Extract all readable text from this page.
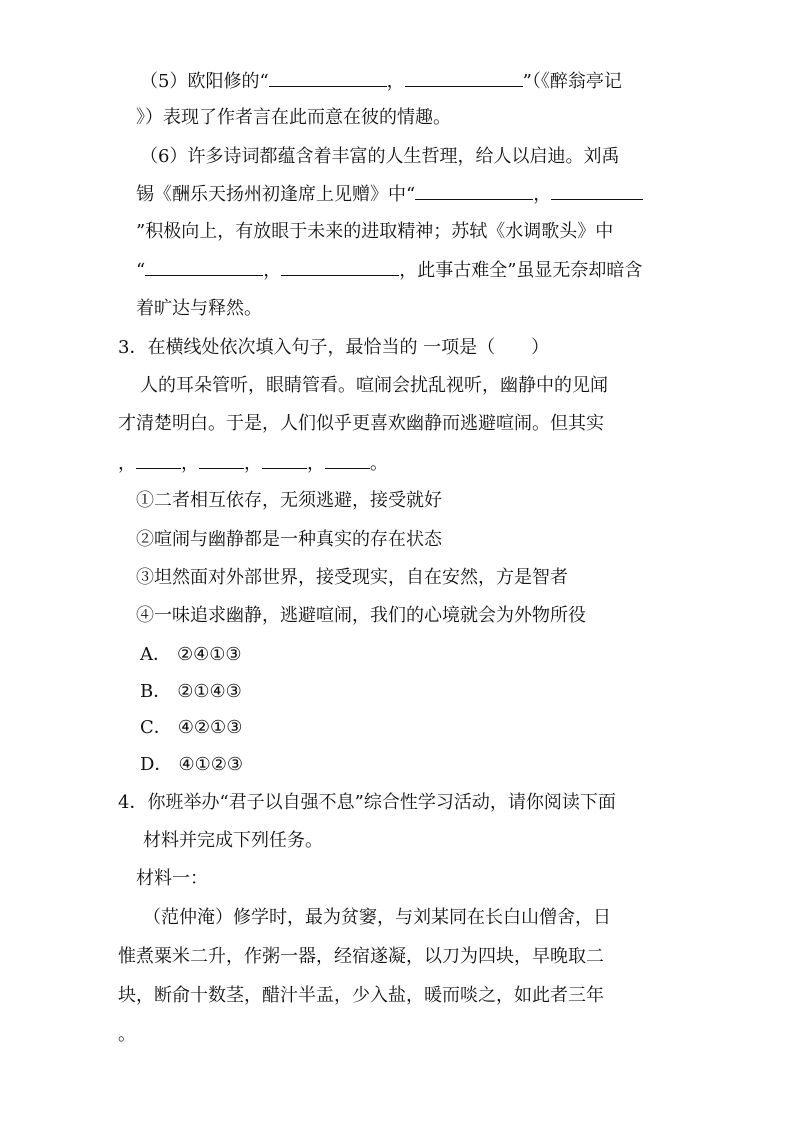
（5）欧阳修的“	，	”（《醉翁亭记
》）表现了作者言在此而意在彼的情趣。
（6）许多诗词都蕴含着丰富的人生哲理，给人以启迪。刘禹
锡《酬乐天扬州初逢席上见赠》中“	，
”积极向上，有放眼于未来的进取精神；苏轼《水调歌头》中
“	，	，此事古难全”虽显无奈却暗含
着旷达与释然。
3．在横线处依次填入句子，最恰当的 一项是（　　）
人的耳朵管听，眼睛管看。喧闹会扰乱视听，幽静中的见闻
才清楚明白。于是，人们似乎更喜欢幽静而逃避喧闹。但其实
，	，	，	，	。
①二者相互依存，无须逃避，接受就好
②喧闹与幽静都是一种真实的存在状态
③坦然面对外部世界，接受现实，自在安然，方是智者
④一味追求幽静，逃避喧闹，我们的心境就会为外物所役
A． ②④①③
B． ②①④③
C． ④②①③
D． ④①②③
4．你班举办“君子以自强不息”综合性学习活动，请你阅读下面
材料并完成下列任务。
材料一：
（范仲淹）修学时，最为贫窭，与刘某同在长白山僧舍，日
惟煮粟米二升，作粥一器，经宿遂凝，以刀为四块，早晚取二
块，断俞十数茎，醋汁半盂，少入盐，暖而啖之，如此者三年
。
